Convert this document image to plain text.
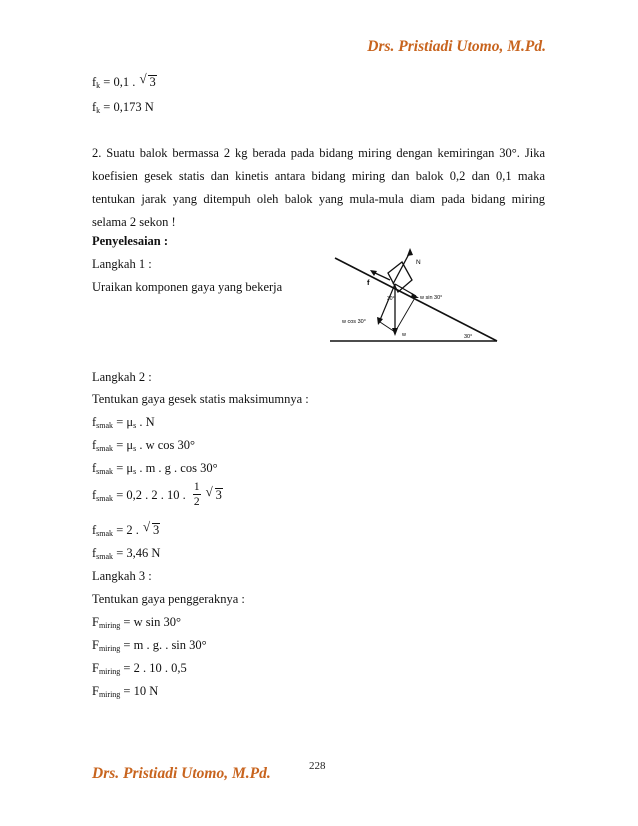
Drs. Pristiadi Utomo, M.Pd.
$f_k = 0,1$ . √ 3
$f_k = 0,173$ N
2. Suatu balok bermassa 2 kg berada pada bidang miring dengan kemiringan 30°. Jika koefisien gesek statis dan kinetis antara bidang miring dan balok 0,2 dan 0,1 maka tentukan jarak yang ditempuh oleh balok yang mula-mula diam pada bidang miring selama 2 sekon !
Penyelesaian :
Langkah 1 :
Uraikan komponen gaya yang bekerja
N
f
w sin 30°
w cos 30°
w
30°
30°
Langkah 2 :
Tentukan gaya gesek statis maksimumnya :
$f_{smak} = \mu_s$ . N
$f_{smak} = \mu_s$ . w cos 30°
$f_{smak} = \mu_s$ . m . g . cos 30°
$f_{smak} = 0,2$ . 2 . 10 . $\frac{1}{2}$ √ 3
$f_{smak} = 2$ . √ 3
$f_{smak} = 3,46$ N
Langkah 3 :
Tentukan gaya penggeraknya :
$F_{miring} = w$ sin 30°
$F_{miring} = m$ . g. . sin 30°
$F_{miring} = 2$ . 10 . 0,5
$F_{miring} = 10$ N
Drs. Pristiadi Utomo, M.Pd.	228
